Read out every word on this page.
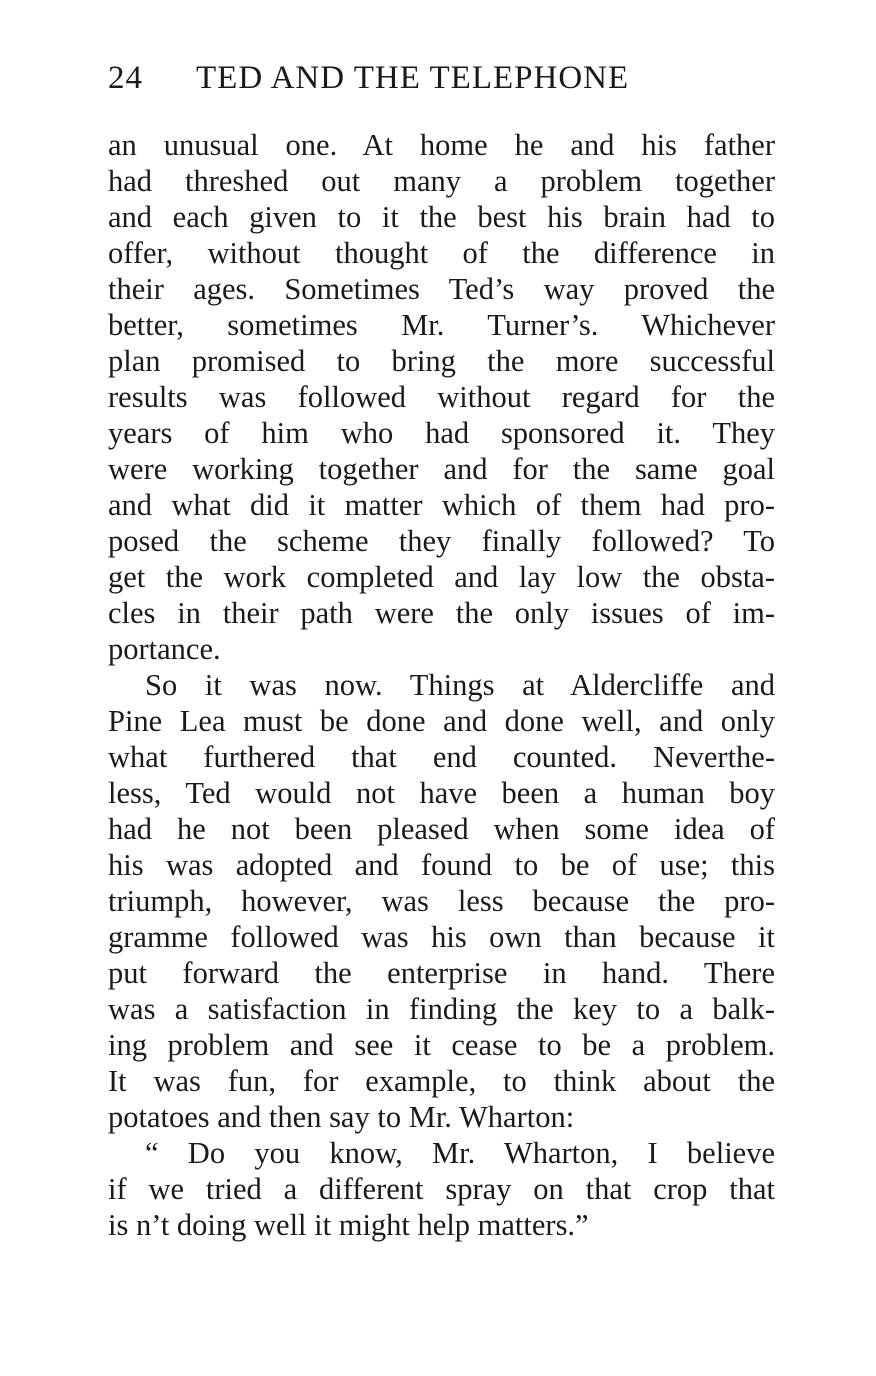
24 TED AND THE TELEPHONE
an unusual one. At home he and his father
had threshed out many a problem together
and each given to it the best his brain had to
offer, without thought of the difference in
their ages. Sometimes Ted’s way proved the
better, sometimes Mr. Turner’s. Whichever
plan promised to bring the more successful
results was followed without regard for the
years of him who had sponsored it. They
were working together and for the same goal
and what did it matter which of them had pro-
posed the scheme they finally followed? To
get the work completed and lay low the obsta-
cles in their path were the only issues of im-
portance.
So it was now. Things at Aldercliffe and
Pine Lea must be done and done well, and only
what furthered that end counted. Neverthe-
less, Ted would not have been a human boy
had he not been pleased when some idea of
his was adopted and found to be of use; this
triumph, however, was less because the pro-
gramme followed was his own than because it
put forward the enterprise in hand. There
was a satisfaction in finding the key to a balk-
ing problem and see it cease to be a problem.
It was fun, for example, to think about the
potatoes and then say to Mr. Wharton:
“ Do you know, Mr. Wharton, I believe
if we tried a different spray on that crop that
is n’t doing well it might help matters.”
